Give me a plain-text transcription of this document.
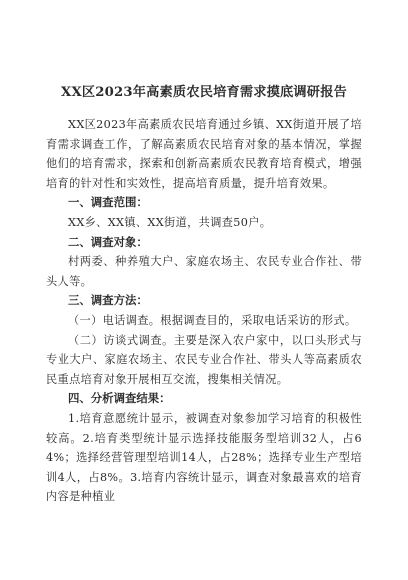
XX区2023年高素质农民培育需求摸底调研报告

XX区2023年高素质农民培育通过乡镇、XX街道开展了培育需求调查工作，了解高素质农民培育对象的基本情况，掌握他们的培育需求，探索和创新高素质农民教育培育模式，增强培育的针对性和实效性，提高培育质量，提升培育效果。

一、调查范围：

XX乡、XX镇、XX街道，共调查50户。

二、调查对象：

村两委、种养殖大户、家庭农场主、农民专业合作社、带头人等。

三、调查方法：

（一）电话调查。根据调查目的，采取电话采访的形式。

（二）访谈式调查。主要是深入农户家中，以口头形式与专业大户、家庭农场主、农民专业合作社、带头人等高素质农民重点培育对象开展相互交流，搜集相关情况。

四、分析调查结果：

1.培育意愿统计显示，被调查对象参加学习培育的积极性较高。2.培育类型统计显示选择技能服务型培训32人，占64%；选择经营管理型培训14人，占28%；选择专业生产型培训4人，占8%。3.培育内容统计显示，调查对象最喜欢的培育内容是种植业
